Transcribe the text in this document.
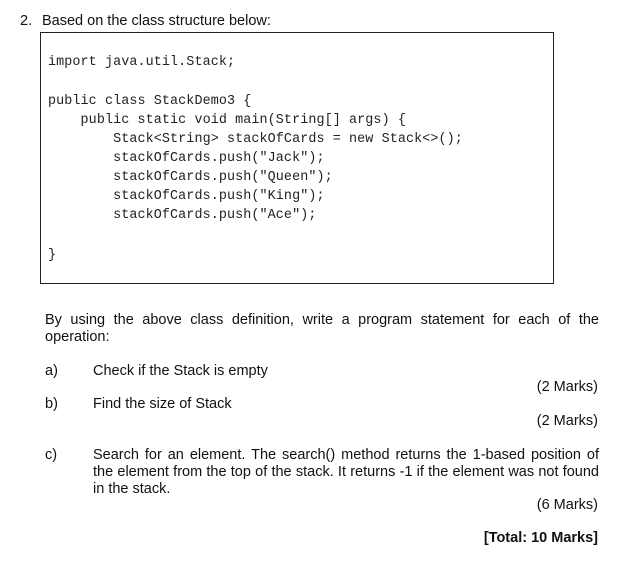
2. Based on the class structure below:
import java.util.Stack;
public class StackDemo3 {
public static void main(String[] args) {
Stack<String> stackOfCards = new Stack<>();
stackOfCards.push("Jack");
stackOfCards.push("Queen");
stackOfCards.push("King");
stackOfCards.push("Ace");
}
By using the above class definition, write a program statement for each of the operation:
a) Check if the Stack is empty
(2 Marks)
b) Find the size of Stack
(2 Marks)
c) Search for an element. The search() method returns the 1-based position of the element from the top of the stack. It returns -1 if the element was not found in the stack.
(6 Marks)
[Total: 10 Marks]
